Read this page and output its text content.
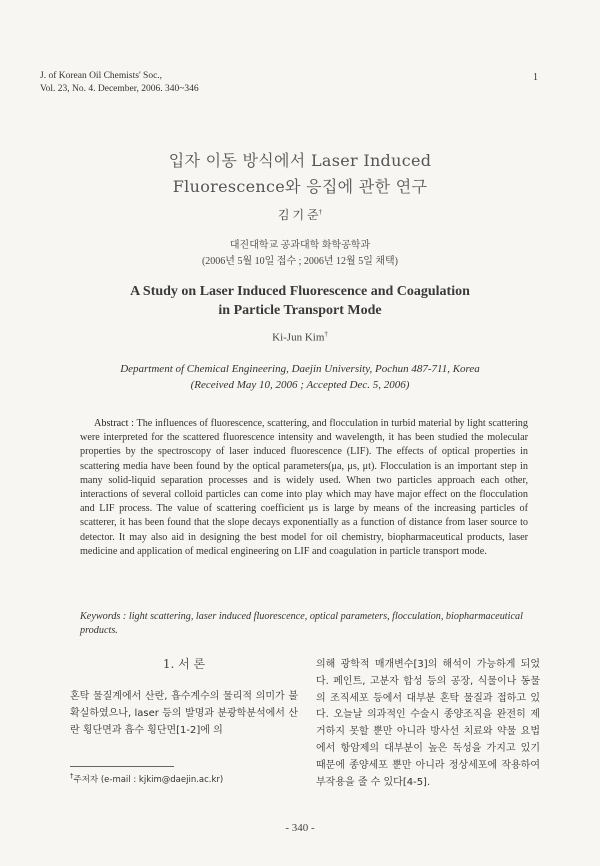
J. of Korean Oil Chemists' Soc.,
Vol. 23, No. 4. December, 2006. 340~346
1
입자 이동 방식에서 Laser Induced
Fluorescence와 응집에 관한 연구
김 기 준†
대진대학교 공과대학 화학공학과
(2006년 5월 10일 접수 ; 2006년 12월 5일 채택)
A Study on Laser Induced Fluorescence and Coagulation
in Particle Transport Mode
Ki-Jun Kim†
Department of Chemical Engineering, Daejin University, Pochun 487-711, Korea
(Received May 10, 2006 ; Accepted Dec. 5, 2006)
Abstract : The influences of fluorescence, scattering, and flocculation in turbid material by light scattering were interpreted for the scattered fluorescence intensity and wavelength, it has been studied the molecular properties by the spectroscopy of laser induced fluorescence (LIF). The effects of optical properties in scattering media have been found by the optical parameters(μa, μs, μt). Flocculation is an important step in many solid-liquid separation processes and is widely used. When two particles approach each other, interactions of several colloid particles can come into play which may have major effect on the flocculation and LIF process. The value of scattering coefficient μs is large by means of the increasing particles of scatterer, it has been found that the slope decays exponentially as a function of distance from laser source to detector. It may also aid in designing the best model for oil chemistry, biopharmaceutical products, laser medicine and application of medical engineering on LIF and coagulation in particle transport mode.
Keywords : light scattering, laser induced fluorescence, optical parameters, flocculation, biopharmaceutical products.
1. 서 론
혼탁 물질계에서 산란, 흡수계수의 물리적 의미가 불확실하였으나, laser 등의 발명과 분광학분석에서 산란 횡단면과 흡수 횡단면[1-2]에 의
의해 광학적 매개변수[3]의 해석이 가능하게 되었다. 페인트, 고분자 합성 등의 공장, 식물이나 동물의 조직세포 등에서 대부분 혼탁 물질과 접하고 있다. 오늘날 의과적인 수술시 종양조직을 완전히 제거하지 못할 뿐만 아니라 방사선 치료와 약물 요법에서 항암제의 대부분이 높은 독성을 가지고 있기 때문에 종양세포 뿐만 아니라 정상세포에 작용하여 부작용을 줄 수 있다[4-5].
†주저자 (e-mail : kjkim@daejin.ac.kr)
- 340 -
